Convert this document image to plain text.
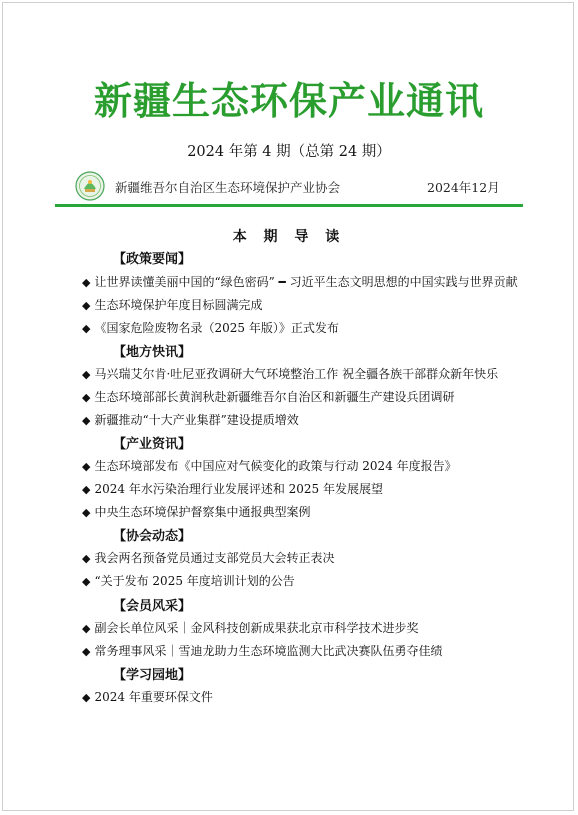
新疆生态环保产业通讯
2024 年第 4 期（总第 24 期）
新疆维吾尔自治区生态环境保护产业协会	2024年12月
本 期 导 读
【政策要闻】
◆ 让世界读懂美丽中国的“绿色密码” ━ 习近平生态文明思想的中国实践与世界贡献
◆ 生态环境保护年度目标圆满完成
◆ 《国家危险废物名录（2025 年版）》正式发布
【地方快讯】
◆ 马兴瑞艾尔肯·吐尼亚孜调研大气环境整治工作 祝全疆各族干部群众新年快乐
◆ 生态环境部部长黄润秋赴新疆维吾尔自治区和新疆生产建设兵团调研
◆ 新疆推动“十大产业集群”建设提质增效
【产业资讯】
◆ 生态环境部发布《中国应对气候变化的政策与行动 2024 年度报告》
◆ 2024 年水污染治理行业发展评述和 2025 年发展展望
◆ 中央生态环境保护督察集中通报典型案例
【协会动态】
◆ 我会两名预备党员通过支部党员大会转正表决
◆ “关于发布 2025 年度培训计划的公告
【会员风采】
◆ 副会长单位风采｜金风科技创新成果获北京市科学技术进步奖
◆ 常务理事风采｜雪迪龙助力生态环境监测大比武决赛队伍勇夺佳绩
【学习园地】
◆ 2024 年重要环保文件
